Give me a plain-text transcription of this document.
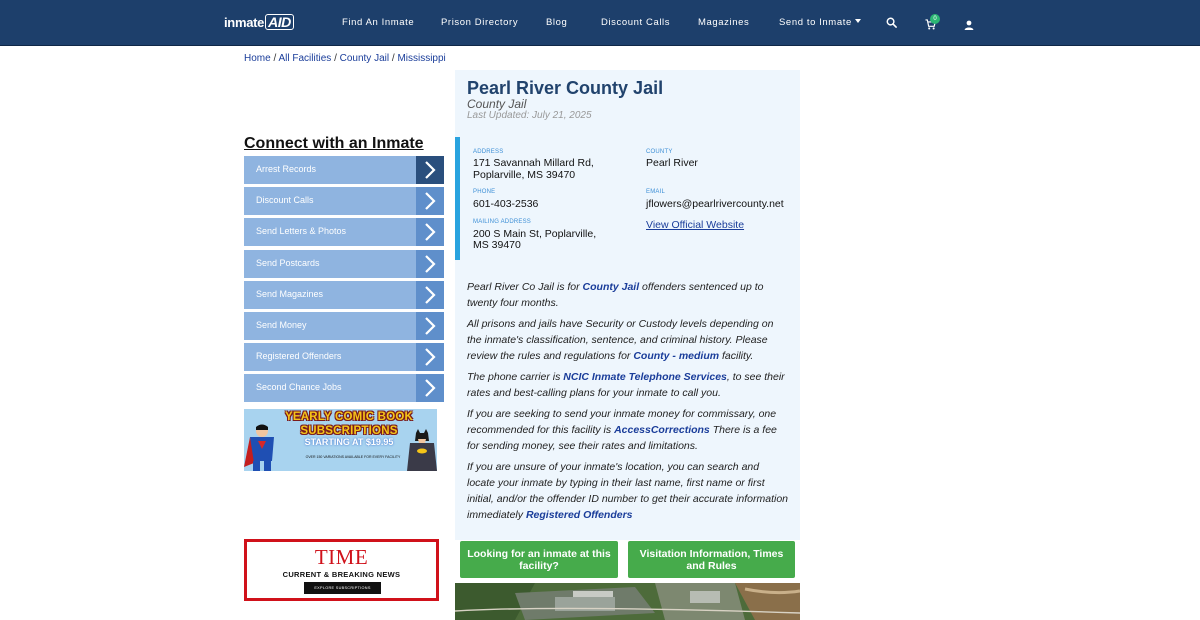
inmate AID	Find An Inmate	Prison Directory	Blog	Discount Calls	Magazines	Send to Inmate	0
Home / All Facilities / County Jail / Mississippi
Connect with an Inmate
Arrest Records
Discount Calls
Send Letters & Photos
Send Postcards
Send Magazines
Send Money
Registered Offenders
Second Chance Jobs
YEARLY COMIC BOOK
SUBSCRIPTIONS
STARTING AT $19.95
OVER 150 VARIATIONS AVAILABLE FOR EVERY FACILITY
TIME
CURRENT & BREAKING NEWS
EXPLORE SUBSCRIPTIONS
Pearl River County Jail
County Jail
Last Updated: July 21, 2025
ADDRESS
171 Savannah Millard Rd,
Poplarville, MS 39470
COUNTY
Pearl River
PHONE
601-403-2536
EMAIL
jflowers@pearlrivercounty.net
MAILING ADDRESS
200 S Main St, Poplarville,
MS 39470
View Official Website
Pearl River Co Jail is for County Jail offenders sentenced up to twenty four months.
All prisons and jails have Security or Custody levels depending on the inmate's classification, sentence, and criminal history. Please review the rules and regulations for County - medium facility.
The phone carrier is NCIC Inmate Telephone Services, to see their rates and best-calling plans for your inmate to call you.
If you are seeking to send your inmate money for commissary, one recommended for this facility is AccessCorrections There is a fee for sending money, see their rates and limitations.
If you are unsure of your inmate's location, you can search and locate your inmate by typing in their last name, first name or first initial, and/or the offender ID number to get their accurate information immediately Registered Offenders
Looking for an inmate at this facility?
Visitation Information, Times and Rules
